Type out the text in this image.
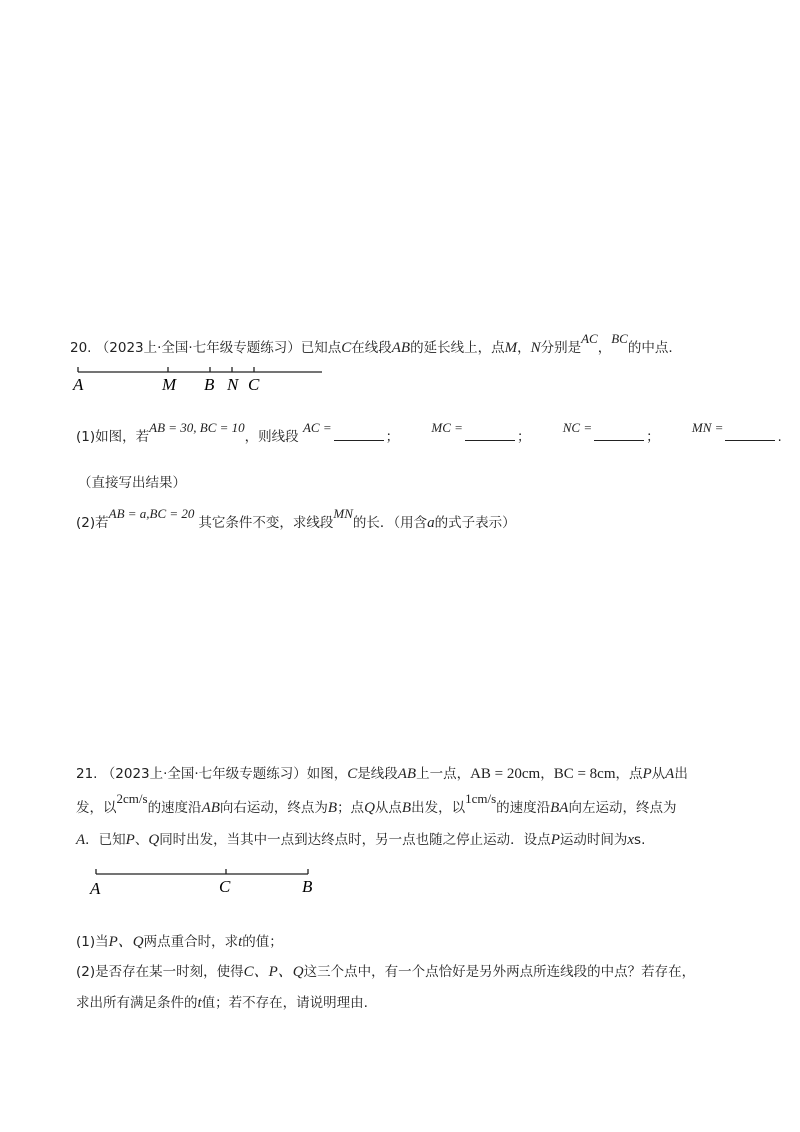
20. （2023上·全国·七年级专题练习）已知点C在线段AB的延长线上，点M，N分别是AC，BC的中点.
A	M B N C
(1)如图，若AB = 30, BC = 10，则线段 AC =； MC =； NC =； MN =.
（直接写出结果）
(2)若AB = a,BC = 20其它条件不变，求线段MN的长．（用含a的式子表示）
21. （2023上·全国·七年级专题练习）如图，C是线段AB上一点，AB = 20cm，BC = 8cm，点P从A出
发，以2cm/s的速度沿AB向右运动，终点为B；点Q从点B出发，以1cm/s的速度沿BA向左运动，终点为
A．已知P、Q同时出发，当其中一点到达终点时，另一点也随之停止运动．设点P运动时间为xs.
A	C	B
(1)当P、Q两点重合时，求t的值；
(2)是否存在某一时刻，使得C、P、Q这三个点中，有一个点恰好是另外两点所连线段的中点？若存在，
求出所有满足条件的t值；若不存在，请说明理由.
